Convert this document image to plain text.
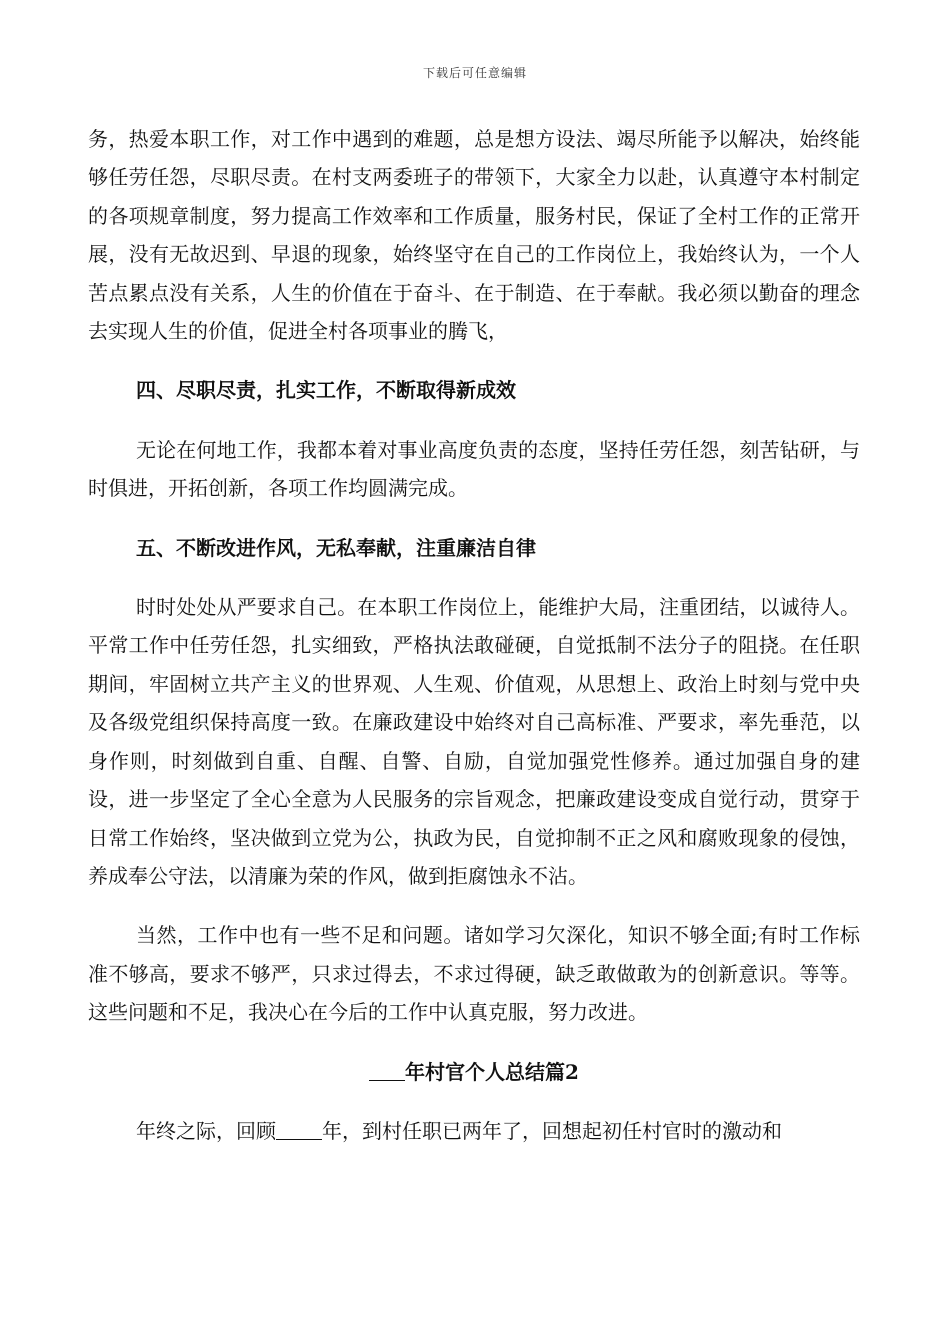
下载后可任意编辑

务，热爱本职工作，对工作中遇到的难题，总是想方设法、竭尽所能予以解决，始终能够任劳任怨，尽职尽责。在村支两委班子的带领下，大家全力以赴，认真遵守本村制定的各项规章制度，努力提高工作效率和工作质量，服务村民，保证了全村工作的正常开展，没有无故迟到、早退的现象，始终坚守在自己的工作岗位上，我始终认为，一个人苦点累点没有关系，人生的价值在于奋斗、在于制造、在于奉献。我必须以勤奋的理念去实现人生的价值，促进全村各项事业的腾飞，

四、尽职尽责，扎实工作，不断取得新成效

无论在何地工作，我都本着对事业高度负责的态度，坚持任劳任怨，刻苦钻研，与时俱进，开拓创新，各项工作均圆满完成。

五、不断改进作风，无私奉献，注重廉洁自律

时时处处从严要求自己。在本职工作岗位上，能维护大局，注重团结，以诚待人。平常工作中任劳任怨，扎实细致，严格执法敢碰硬，自觉抵制不法分子的阻挠。在任职期间，牢固树立共产主义的世界观、人生观、价值观，从思想上、政治上时刻与党中央及各级党组织保持高度一致。在廉政建设中始终对自己高标准、严要求，率先垂范，以身作则，时刻做到自重、自醒、自警、自励，自觉加强党性修养。通过加强自身的建设，进一步坚定了全心全意为人民服务的宗旨观念，把廉政建设变成自觉行动，贯穿于日常工作始终，坚决做到立党为公，执政为民，自觉抑制不正之风和腐败现象的侵蚀，养成奉公守法，以清廉为荣的作风，做到拒腐蚀永不沾。

当然，工作中也有一些不足和问题。诸如学习欠深化，知识不够全面;有时工作标准不够高，要求不够严，只求过得去，不求过得硬，缺乏敢做敢为的创新意识。等等。这些问题和不足，我决心在今后的工作中认真克服，努力改进。

年村官个人总结篇2

年终之际，回顾 年，到村任职已两年了，回想起初任村官时的激动和
